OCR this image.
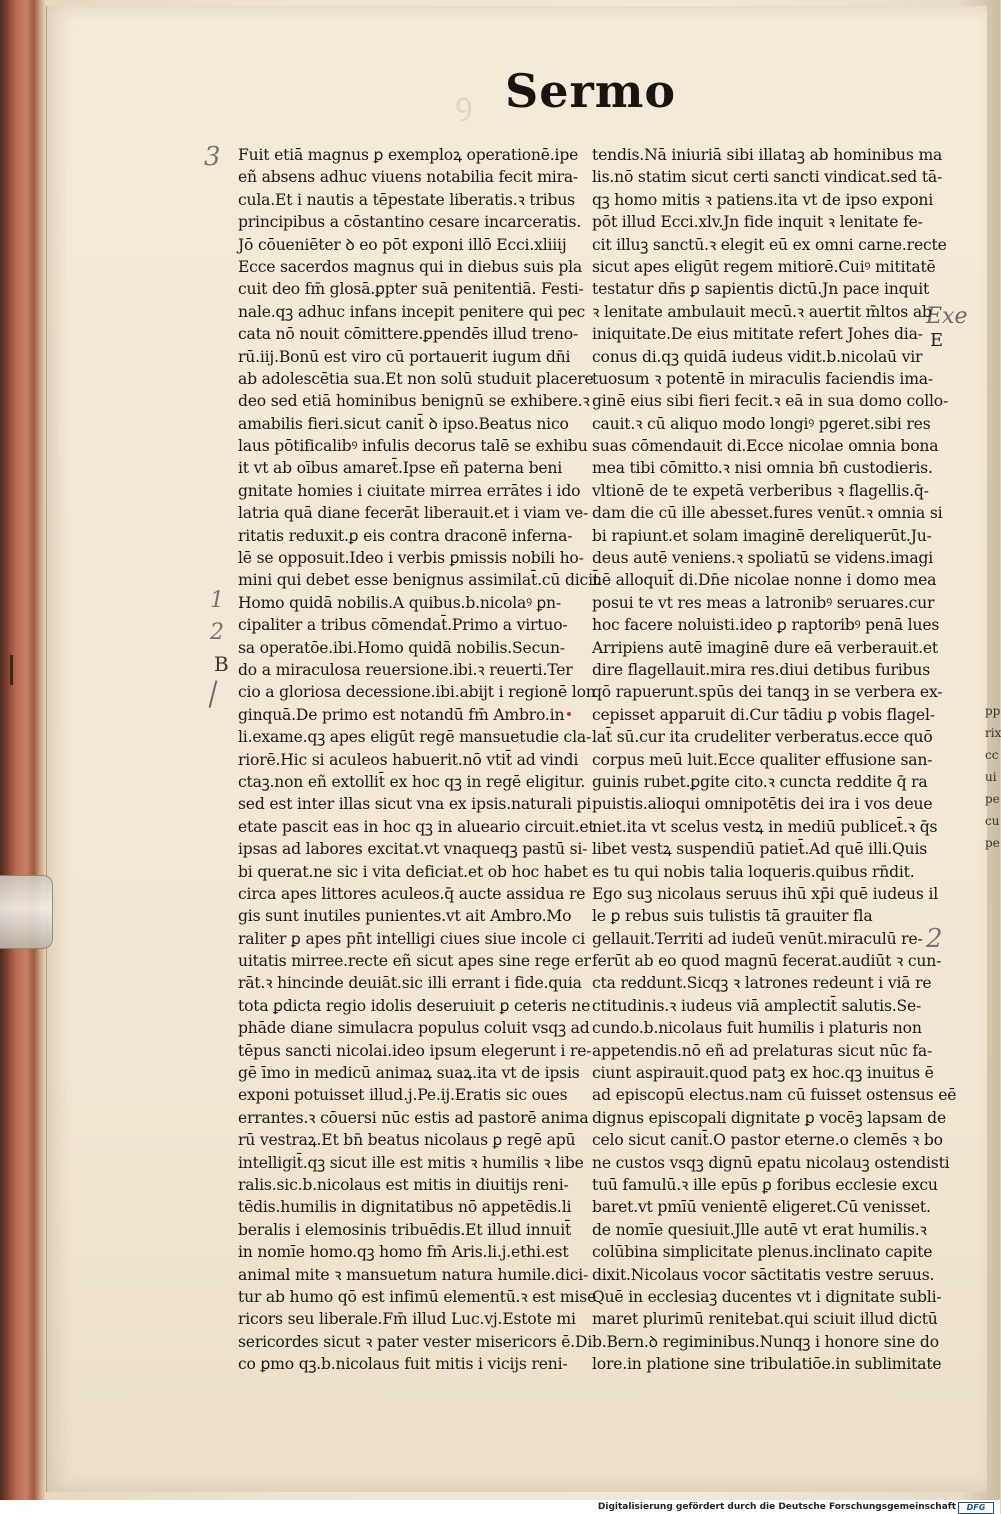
ꝯ Sermo
3
1
2
B
Exe
E
2
Fuit etiā magnus ꝑ exemploꝝ operationē.ipe
eñ absens adhuc viuens notabilia fecit mira-
cula.Et i nautis a tēpestate liberatis.ꝛ tribus
principibus a cōstantino cesare incarceratis.
Jō cōueniēter ꝺ eo pōt exponi illō Ecci.xliiij
Ecce sacerdos magnus qui in diebus suis pla
cuit deo fm̄ glosā.ꝑpter suā penitentiā. Festi-
nale.qꝫ adhuc infans incepit penitere qui pec
cata nō nouit cōmittere.ꝑpendēs illud treno-
rū.iij.Bonū est viro cū portauerit iugum dn̄i
ab adolescētia sua.Et non solū studuit placere
deo sed etiā hominibus benignū se exhibere.ꝛ
amabilis fieri.sicut canit̄ ꝺ ipso.Beatus nico
laus pōtificalibꝰ infulis decorus talē se exhibu
it vt ab oībus amaret̄.Ipse eñ paterna beni
gnitate homies i ciuitate mirrea errātes i ido
latria quā diane fecerāt liberauit.et i viam ve-
ritatis reduxit.ꝑ eis contra draconē inferna-
lē se opposuit.Ideo i verbis ꝑmissis nobili ho-
mini qui debet esse benignus assimilat̄.cū dicit̄
Homo quidā nobilis.A quibus.b.nicolaꝰ ꝑn-
cipaliter a tribus cōmendat̄.Primo a virtuo-
sa operatōe.ibi.Homo quidā nobilis.Secun-
do a miraculosa reuersione.ibi.ꝛ reuerti.Ter
cio a gloriosa decessione.ibi.abijt i regionē lon
ginquā.De primo est notandū fm̄ Ambro.in
li.exame.qꝫ apes eligūt regē mansuetudie cla-
riorē.Hic si aculeos habuerit.nō vtit̄ ad vindi
ctaꝫ.non eñ extollit̄ ex hoc qꝫ in regē eligitur.
sed est inter illas sicut vna ex ipsis.naturali pi
etate pascit eas in hoc qꝫ in alueario circuit.et
ipsas ad labores excitat.vt vnaqueqꝫ pastū si-
bi querat.ne sic i vita deficiat.et ob hoc habet
circa apes littores aculeos.q̄ aucte assidua re
gis sunt inutiles punientes.vt ait Ambro.Mo
raliter ꝑ apes pn̄t intelligi ciues siue incole ci
uitatis mirree.recte eñ sicut apes sine rege er
rāt.ꝛ hincinde deuiāt.sic illi errant i fide.quia
tota ꝑdicta regio idolis deseruiuit ꝑ ceteris ne
phāde diane simulacra populus coluit vsqꝫ ad
tēpus sancti nicolai.ideo ipsum elegerunt i re-
gē īmo in medicū animaꝝ suaꝝ.ita vt de ipsis
exponi potuisset illud.j.Pe.ij.Eratis sic oues
errantes.ꝛ cōuersi nūc estis ad pastorē anima
rū vestraꝝ.Et bn̄ beatus nicolaus ꝑ regē apū
intelligit̄.qꝫ sicut ille est mitis ꝛ humilis ꝛ libe
ralis.sic.b.nicolaus est mitis in diuitijs reni-
tēdis.humilis in dignitatibus nō appetēdis.li
beralis i elemosinis tribuēdis.Et illud innuit̄
in nomīe homo.qꝫ homo fm̄ Aris.li.j.ethi.est
animal mite ꝛ mansuetum natura humile.dici-
tur ab humo qō est infimū elementū.ꝛ est mise
ricors seu liberale.Fm̄ illud Luc.vj.Estote mi
sericordes sicut ꝛ pater vester misericors ē.Di
co ꝑmo qꝫ.b.nicolaus fuit mitis i vicijs reni-
tendis.Nā iniuriā sibi illataꝫ ab hominibus ma
lis.nō statim sicut certi sancti vindicat.sed tā-
qꝫ homo mitis ꝛ patiens.ita vt de ipso exponi
pōt illud Ecci.xlv.Jn fide inquit ꝛ lenitate fe-
cit illuꝫ sanctū.ꝛ elegit eū ex omni carne.recte
sicut apes eligūt regem mitiorē.Cuiꝰ mititatē
testatur dn̄s ꝑ sapientis dictū.Jn pace inquit
ꝛ lenitate ambulauit mecū.ꝛ auertit m̄ltos ab
iniquitate.De eius mititate refert Johes dia-
conus di.qꝫ quidā iudeus vidit.b.nicolaū vir
tuosum ꝛ potentē in miraculis faciendis ima-
ginē eius sibi fieri fecit.ꝛ eā in sua domo collo-
cauit.ꝛ cū aliquo modo longiꝰ pgeret.sibi res
suas cōmendauit di.Ecce nicolae omnia bona
mea tibi cōmitto.ꝛ nisi omnia bn̄ custodieris.
vltionē de te expetā verberibus ꝛ flagellis.q̄-
dam die cū ille abesset.fures venūt.ꝛ omnia si
bi rapiunt.et solam imaginē dereliquerūt.Ju-
deus autē veniens.ꝛ spoliatū se videns.imagi
nē alloquit̄ di.Dn̄e nicolae nonne i domo mea
posui te vt res meas a latronibꝰ seruares.cur
hoc facere noluisti.ideo ꝑ raptoribꝰ penā lues
Arripiens autē imaginē dure eā verberauit.et
dire flagellauit.mira res.diui detibus furibus
qō rapuerunt.spūs dei tanqꝫ in se verbera ex-
cepisset apparuit di.Cur tādiu ꝑ vobis flagel-
lat̄ sū.cur ita crudeliter verberatus.ecce quō
corpus meū luit.Ecce qualiter effusione san-
guinis rubet.ꝑgite cito.ꝛ cuncta reddite q̄ ra
puistis.alioqui omnipotētis dei ira i vos deue
niet.ita vt scelus vestꝝ in mediū publicet̄.ꝛ q̄s
libet vestꝝ suspendiū patiet̄.Ad quē illi.Quis
es tu qui nobis talia loqueris.quibus rn̄dit.
Ego suꝫ nicolaus seruus ihū xp̄i quē iudeus il
le ꝑ rebus suis tulistis tā grauiter fla
gellauit.Territi ad iudeū venūt.miraculū re-
ferūt ab eo quod magnū fecerat.audiūt ꝛ cun-
cta reddunt.Sicqꝫ ꝛ latrones redeunt i viā re
ctitudinis.ꝛ iudeus viā amplectit̄ salutis.Se-
cundo.b.nicolaus fuit humilis i platuris non
appetendis.nō eñ ad prelaturas sicut nūc fa-
ciunt aspirauit.quod patꝫ ex hoc.qꝫ inuitus ē
ad episcopū electus.nam cū fuisset ostensus eē
dignus episcopali dignitate ꝑ vocēꝫ lapsam de
celo sicut canit̄.O pastor eterne.o clemēs ꝛ bo
ne custos vsqꝫ dignū epatu nicolauꝫ ostendisti
tuū famulū.ꝛ ille epūs ꝑ foribus ecclesie excu
baret.vt pmīū venientē eligeret.Cū venisset.
de nomīe quesiuit.Jlle autē vt erat humilis.ꝛ
colūbina simplicitate plenus.inclinato capite
dixit.Nicolaus vocor sāctitatis vestre seruus.
Quē in ecclesiaꝫ ducentes vt i dignitate subli-
maret plurimū renitebat.qui sciuit illud dictū
b.Bern.ꝺ regiminibus.Nunqꝫ i honore sine do
lore.in platione sine tribulatiōe.in sublimitate
pp
rix
cc
ui
pe
cu
pe
Digitalisierung gefördert durch die Deutsche Forschungsgemeinschaft	DFG
